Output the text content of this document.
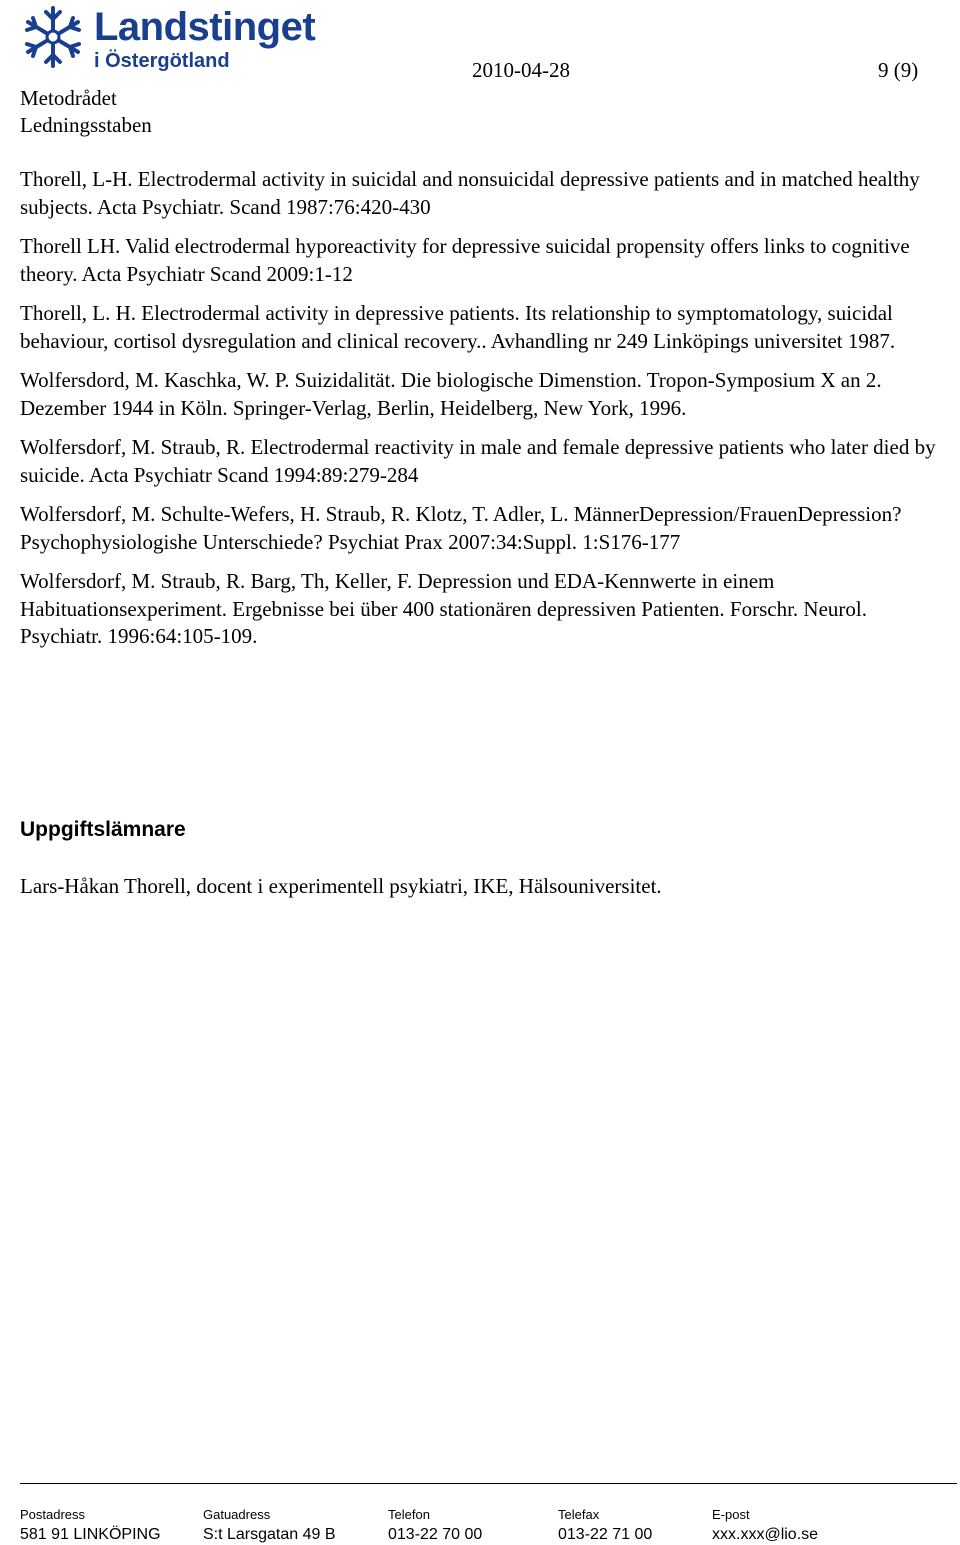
Landstinget
i Östergötland	2010-04-28	9 (9)
Metodrådet
Ledningsstaben

Thorell, L-H. Electrodermal activity in suicidal and nonsuicidal depressive patients and in matched healthy subjects. Acta Psychiatr. Scand 1987:76:420-430

Thorell LH. Valid electrodermal hyporeactivity for depressive suicidal propensity offers links to cognitive theory. Acta Psychiatr Scand 2009:1-12

Thorell, L. H. Electrodermal activity in depressive patients. Its relationship to symptomatology, suicidal behaviour, cortisol dysregulation and clinical recovery.. Avhandling nr 249 Linköpings universitet 1987.

Wolfersdord, M. Kaschka, W. P. Suizidalität. Die biologische Dimenstion. Tropon-Symposium X an 2. Dezember 1944 in Köln. Springer-Verlag, Berlin, Heidelberg, New York, 1996.

Wolfersdorf, M. Straub, R. Electrodermal reactivity in male and female depressive patients who later died by suicide. Acta Psychiatr Scand 1994:89:279-284

Wolfersdorf, M. Schulte-Wefers, H. Straub, R. Klotz, T. Adler, L. MännerDepression/FrauenDepression? Psychophysiologishe Unterschiede? Psychiat Prax 2007:34:Suppl. 1:S176-177

Wolfersdorf, M. Straub, R. Barg, Th, Keller, F. Depression und EDA-Kennwerte in einem Habituationsexperiment. Ergebnisse bei über 400 stationären depressiven Patienten. Forschr. Neurol. Psychiatr. 1996:64:105-109.

Uppgiftslämnare
Lars-Håkan Thorell, docent i experimentell psykiatri, IKE, Hälsouniversitet.
Postadress
581 91 LINKÖPING
Gatuadress
S:t Larsgatan 49 B
Telefon
013-22 70 00
Telefax
013-22 71 00
E-post
xxx.xxx@lio.se
